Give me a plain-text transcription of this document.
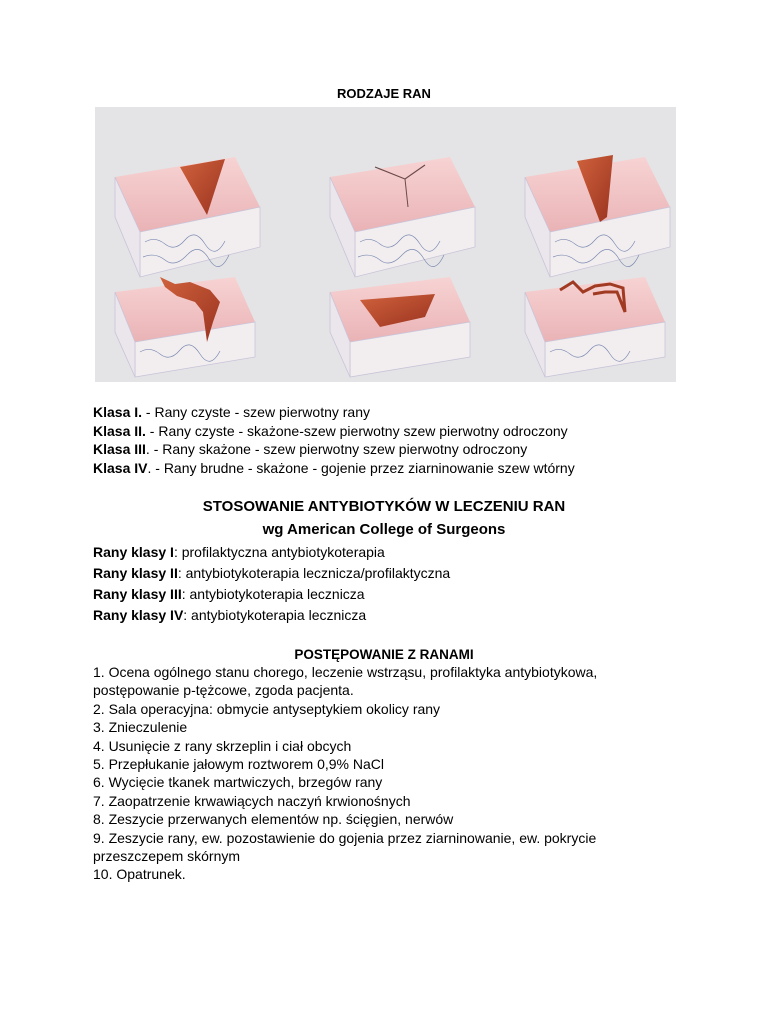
RODZAJE RAN
Klasa I. - Rany czyste - szew pierwotny rany
Klasa II. - Rany czyste - skażone-szew pierwotny szew pierwotny odroczony
Klasa III. - Rany skażone - szew pierwotny szew pierwotny odroczony
Klasa IV. - Rany brudne - skażone - gojenie przez ziarninowanie szew wtórny
STOSOWANIE ANTYBIOTYKÓW W LECZENIU RAN
wg American College of Surgeons
Rany klasy I: profilaktyczna antybiotykoterapia
Rany klasy II: antybiotykoterapia lecznicza/profilaktyczna
Rany klasy III: antybiotykoterapia lecznicza
Rany klasy IV: antybiotykoterapia lecznicza
POSTĘPOWANIE Z RANAMI
1. Ocena ogólnego stanu chorego, leczenie wstrząsu, profilaktyka antybiotykowa, postępowanie p-tężcowe, zgoda pacjenta.
2. Sala operacyjna: obmycie antyseptykiem okolicy rany
3. Znieczulenie
4. Usunięcie z rany skrzeplin i ciał obcych
5. Przepłukanie jałowym roztworem 0,9% NaCl
6. Wycięcie tkanek martwiczych, brzegów rany
7. Zaopatrzenie krwawiących naczyń krwionośnych
8. Zeszycie przerwanych elementów np. ścięgien, nerwów
9. Zeszycie rany, ew. pozostawienie do gojenia przez ziarninowanie, ew. pokrycie przeszczepem skórnym
10. Opatrunek.
